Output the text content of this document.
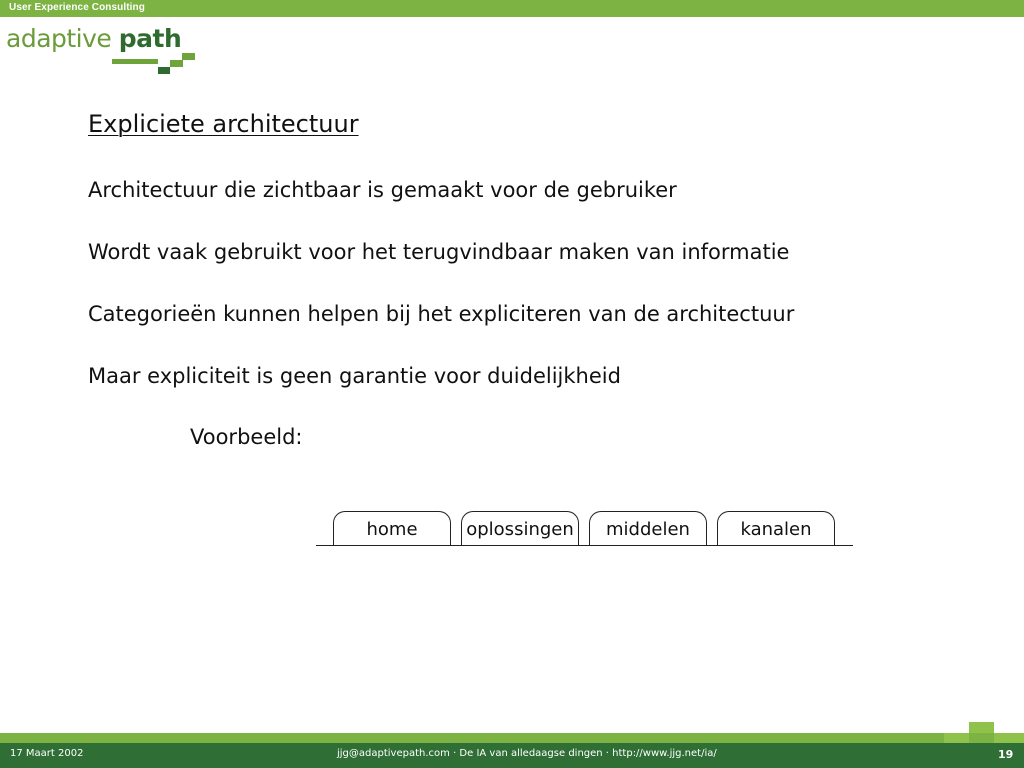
User Experience Consulting
adaptive path
Expliciete architectuur
Architectuur die zichtbaar is gemaakt voor de gebruiker
Wordt vaak gebruikt voor het terugvindbaar maken van informatie
Categorieën kunnen helpen bij het expliciteren van de architectuur
Maar expliciteit is geen garantie voor duidelijkheid
Voorbeeld:
home	oplossingen	middelen	kanalen
17 Maart 2002	jjg@adaptivepath.com · De IA van alledaagse dingen · http://www.jjg.net/ia/	19
